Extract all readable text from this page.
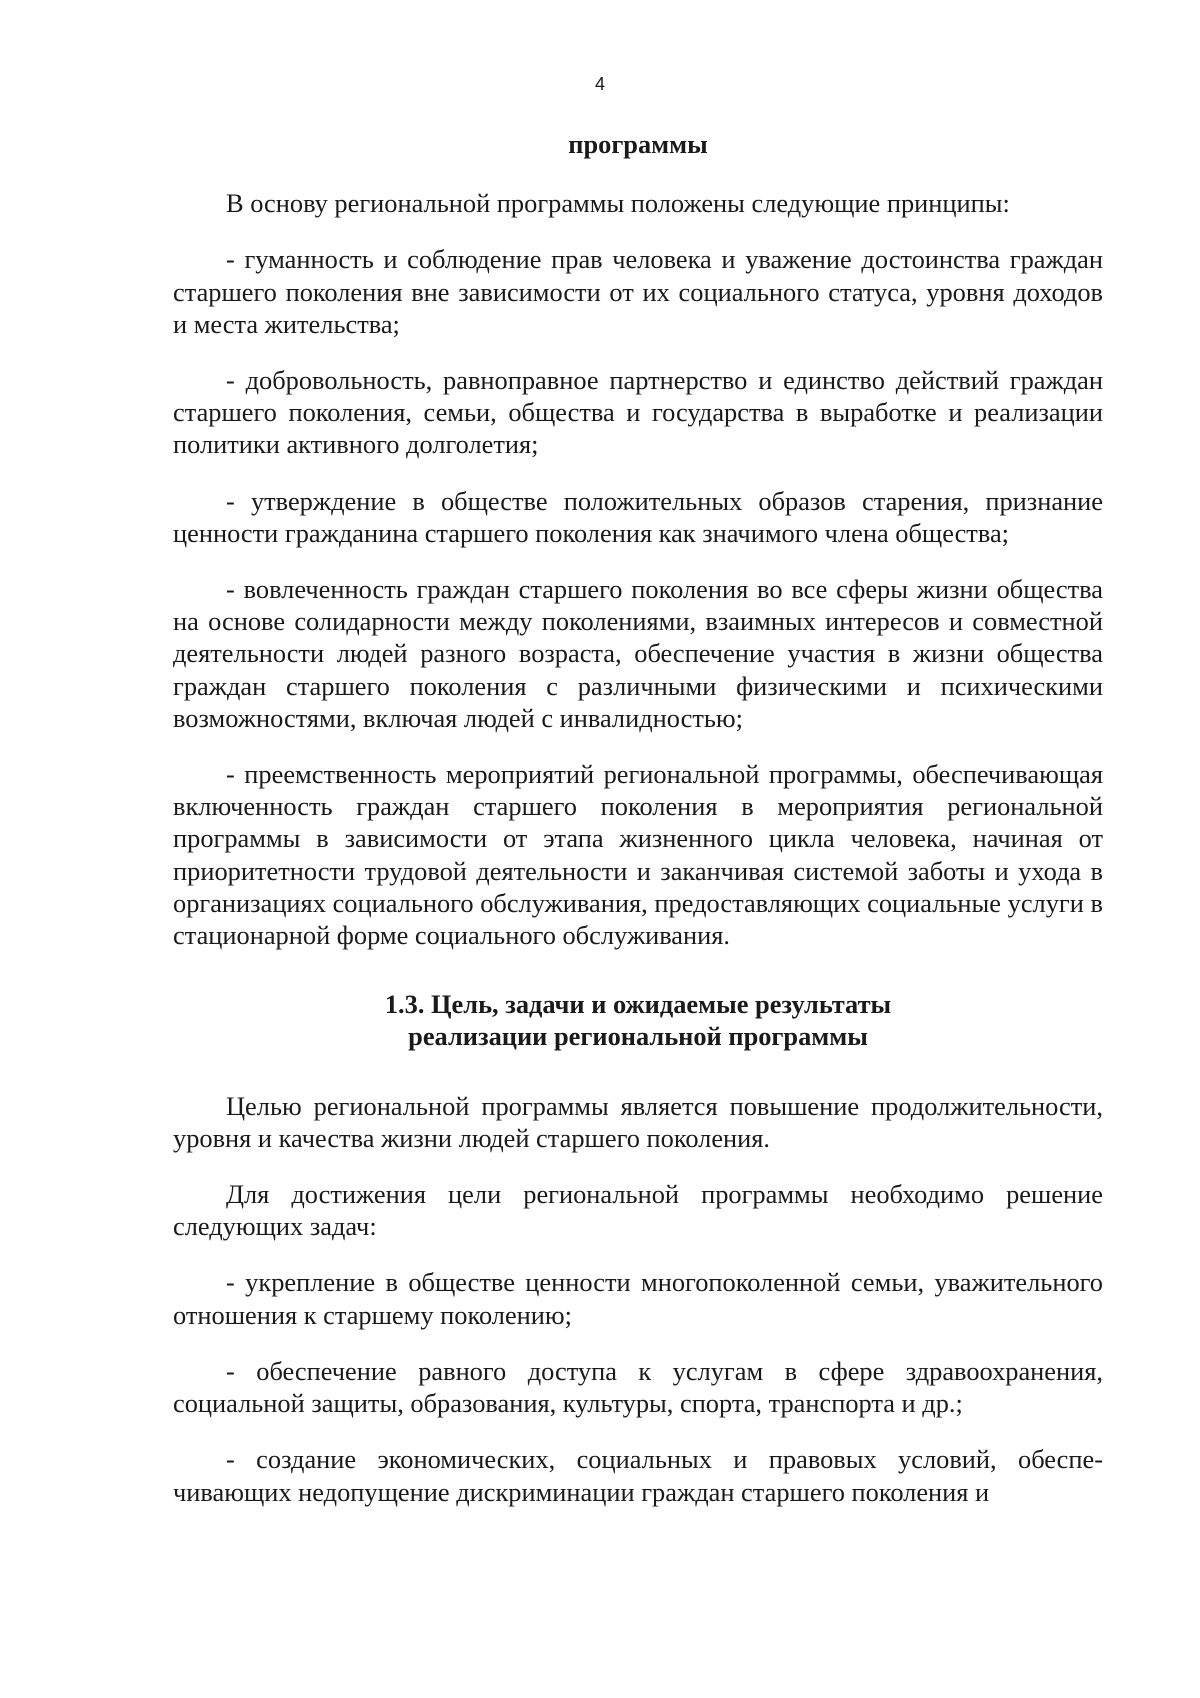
4

программы

В основу региональной программы положены следующие принципы:

- гуманность и соблюдение прав человека и уважение достоинства граждан старшего поколения вне зависимости от их социального статуса, уровня доходов и места жительства;

- добровольность, равноправное партнерство и единство действий граждан старшего поколения, семьи, общества и государства в выработке и реализации политики активного долголетия;

- утверждение в обществе положительных образов старения, признание ценности гражданина старшего поколения как значимого члена общества;

- вовлеченность граждан старшего поколения во все сферы жизни общества на основе солидарности между поколениями, взаимных интересов и совместной деятельности людей разного возраста, обеспечение участия в жизни общества граждан старшего поколения с различными физическими и психическими возможностями, включая людей с инвалидностью;

- преемственность мероприятий региональной программы, обеспечивающая включенность граждан старшего поколения в мероприятия региональной программы в зависимости от этапа жизненного цикла человека, начиная от приоритетности трудовой деятельности и заканчивая системой заботы и ухода в организациях социального обслуживания, предоставляющих социальные услуги в стационарной форме социального обслуживания.

1.3. Цель, задачи и ожидаемые результаты

реализации региональной программы

Целью региональной программы является повышение продолжительности, уровня и качества жизни людей старшего поколения.

Для достижения цели региональной программы необходимо решение следующих задач:

- укрепление в обществе ценности многопоколенной семьи, уважительного отношения к старшему поколению;

- обеспечение равного доступа к услугам в сфере здравоохранения, социальной защиты, образования, культуры, спорта, транспорта и др.;

- создание экономических, социальных и правовых условий, обеспечивающих недопущение дискриминации граждан старшего поколения и
